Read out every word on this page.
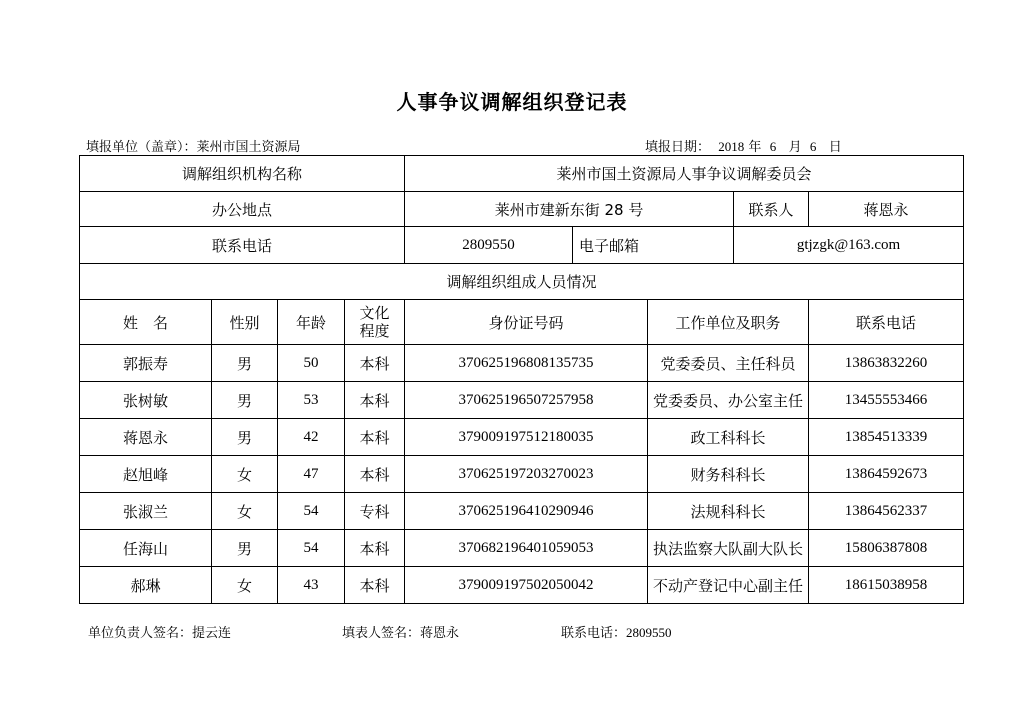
人事争议调解组织登记表
填报单位（盖章）：莱州市国土资源局	填报日期： 2018 年 6 月 6 日
调解组织机构名称				莱州市国土资源局人事争议调解委员会				
办公地点				莱州市建新东街 28 号			联系人	蒋恩永
联系电话				2809550	电子邮箱		gtjzgk@163.com	
调解组织组成人员情况								
姓　名	性别	年龄	文化程度	身份证号码		工作单位及职务		联系电话
郭振寿	男	50	本科	370625196808135735		党委委员、主任科员		13863832260
张树敏	男	53	本科	370625196507257958		党委委员、办公室主任		13455553466
蒋恩永	男	42	本科	379009197512180035		政工科科长		13854513339
赵旭峰	女	47	本科	370625197203270023		财务科科长		13864592673
张淑兰	女	54	专科	370625196410290946		法规科科长		13864562337
任海山	男	54	本科	370682196401059053		执法监察大队副大队长		15806387808
郝琳	女	43	本科	379009197502050042		不动产登记中心副主任		18615038958
单位负责人签名：提云连	填表人签名：蒋恩永	联系电话：2809550
